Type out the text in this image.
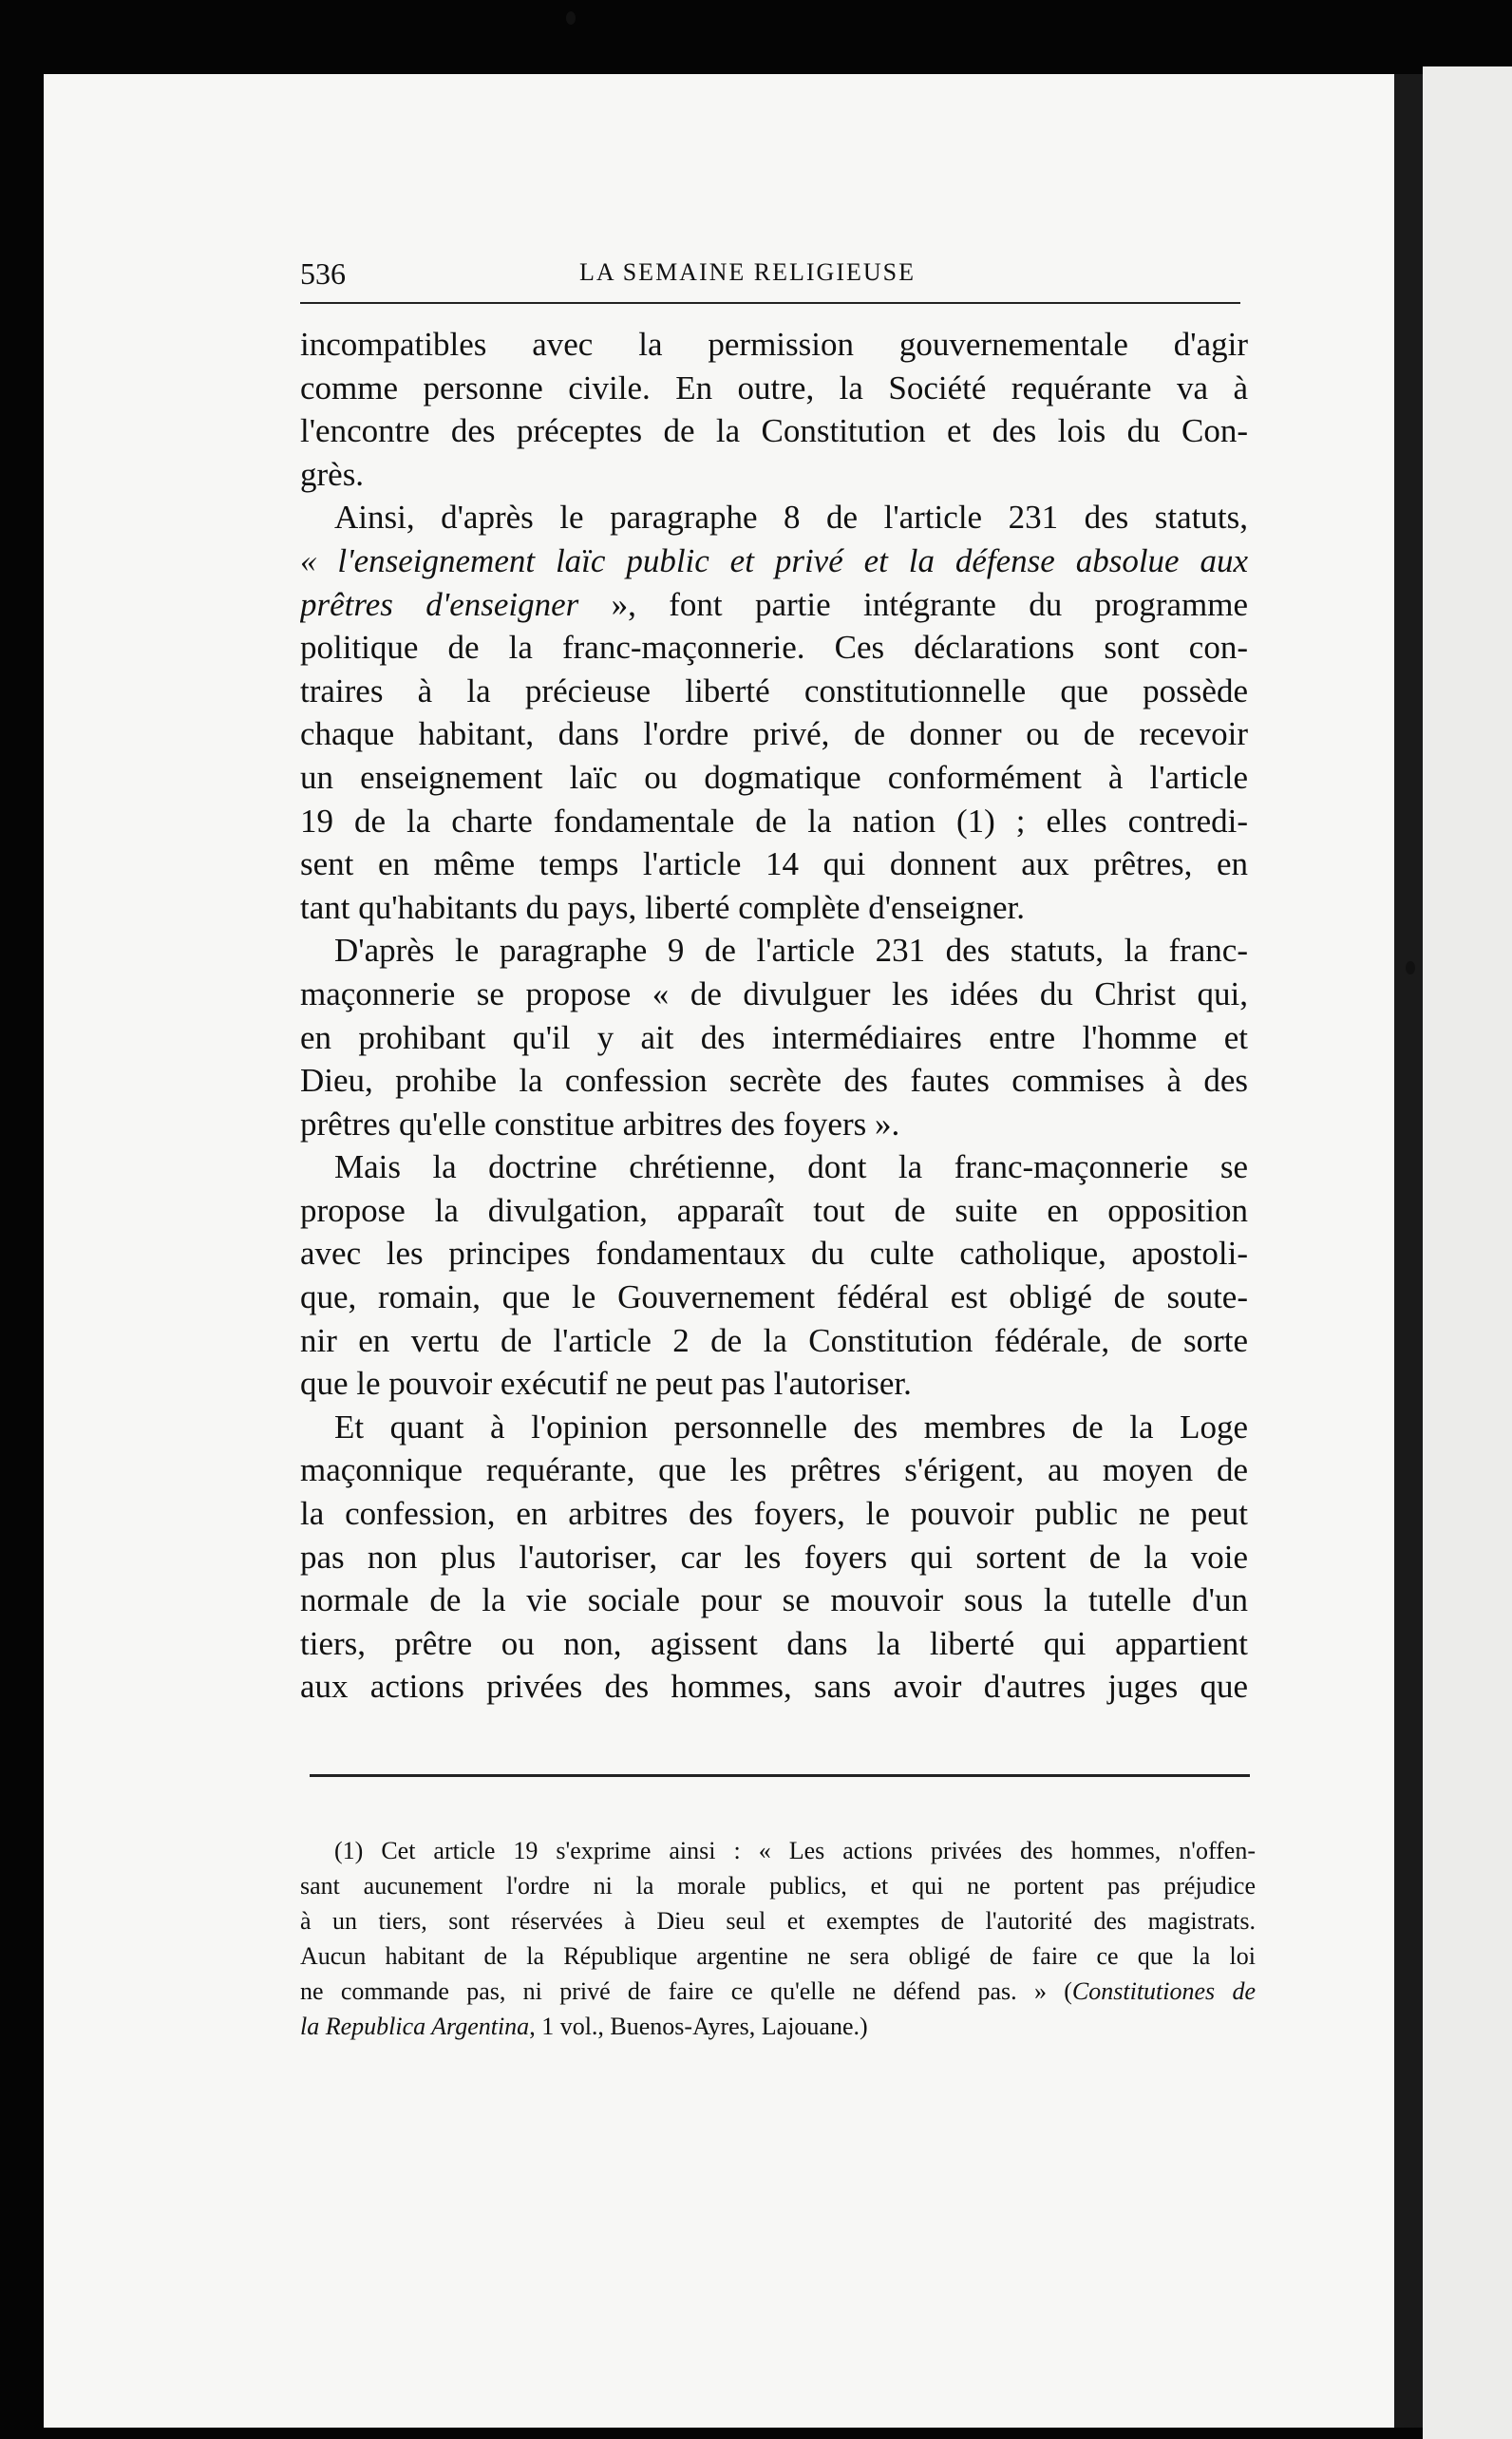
536	LA SEMAINE RELIGIEUSE
incompatibles avec la permission gouvernementale d'agir
comme personne civile. En outre, la Société requérante va à
l'encontre des préceptes de la Constitution et des lois du Con-
grès.
Ainsi, d'après le paragraphe 8 de l'article 231 des statuts,
« l'enseignement laïc public et privé et la défense absolue aux
prêtres d'enseigner », font partie intégrante du programme
politique de la franc-maçonnerie. Ces déclarations sont con-
traires à la précieuse liberté constitutionnelle que possède
chaque habitant, dans l'ordre privé, de donner ou de recevoir
un enseignement laïc ou dogmatique conformément à l'article
19 de la charte fondamentale de la nation (1) ; elles contredi-
sent en même temps l'article 14 qui donnent aux prêtres, en
tant qu'habitants du pays, liberté complète d'enseigner.
D'après le paragraphe 9 de l'article 231 des statuts, la franc-
maçonnerie se propose « de divulguer les idées du Christ qui,
en prohibant qu'il y ait des intermédiaires entre l'homme et
Dieu, prohibe la confession secrète des fautes commises à des
prêtres qu'elle constitue arbitres des foyers ».
Mais la doctrine chrétienne, dont la franc-maçonnerie se
propose la divulgation, apparaît tout de suite en opposition
avec les principes fondamentaux du culte catholique, apostoli-
que, romain, que le Gouvernement fédéral est obligé de soute-
nir en vertu de l'article 2 de la Constitution fédérale, de sorte
que le pouvoir exécutif ne peut pas l'autoriser.
Et quant à l'opinion personnelle des membres de la Loge
maçonnique requérante, que les prêtres s'érigent, au moyen de
la confession, en arbitres des foyers, le pouvoir public ne peut
pas non plus l'autoriser, car les foyers qui sortent de la voie
normale de la vie sociale pour se mouvoir sous la tutelle d'un
tiers, prêtre ou non, agissent dans la liberté qui appartient
aux actions privées des hommes, sans avoir d'autres juges que
(1) Cet article 19 s'exprime ainsi : « Les actions privées des hommes, n'offen-
sant aucunement l'ordre ni la morale publics, et qui ne portent pas préjudice
à un tiers, sont réservées à Dieu seul et exemptes de l'autorité des magistrats.
Aucun habitant de la République argentine ne sera obligé de faire ce que la loi
ne commande pas, ni privé de faire ce qu'elle ne défend pas. » (Constitutiones de
la Republica Argentina, 1 vol., Buenos-Ayres, Lajouane.)
